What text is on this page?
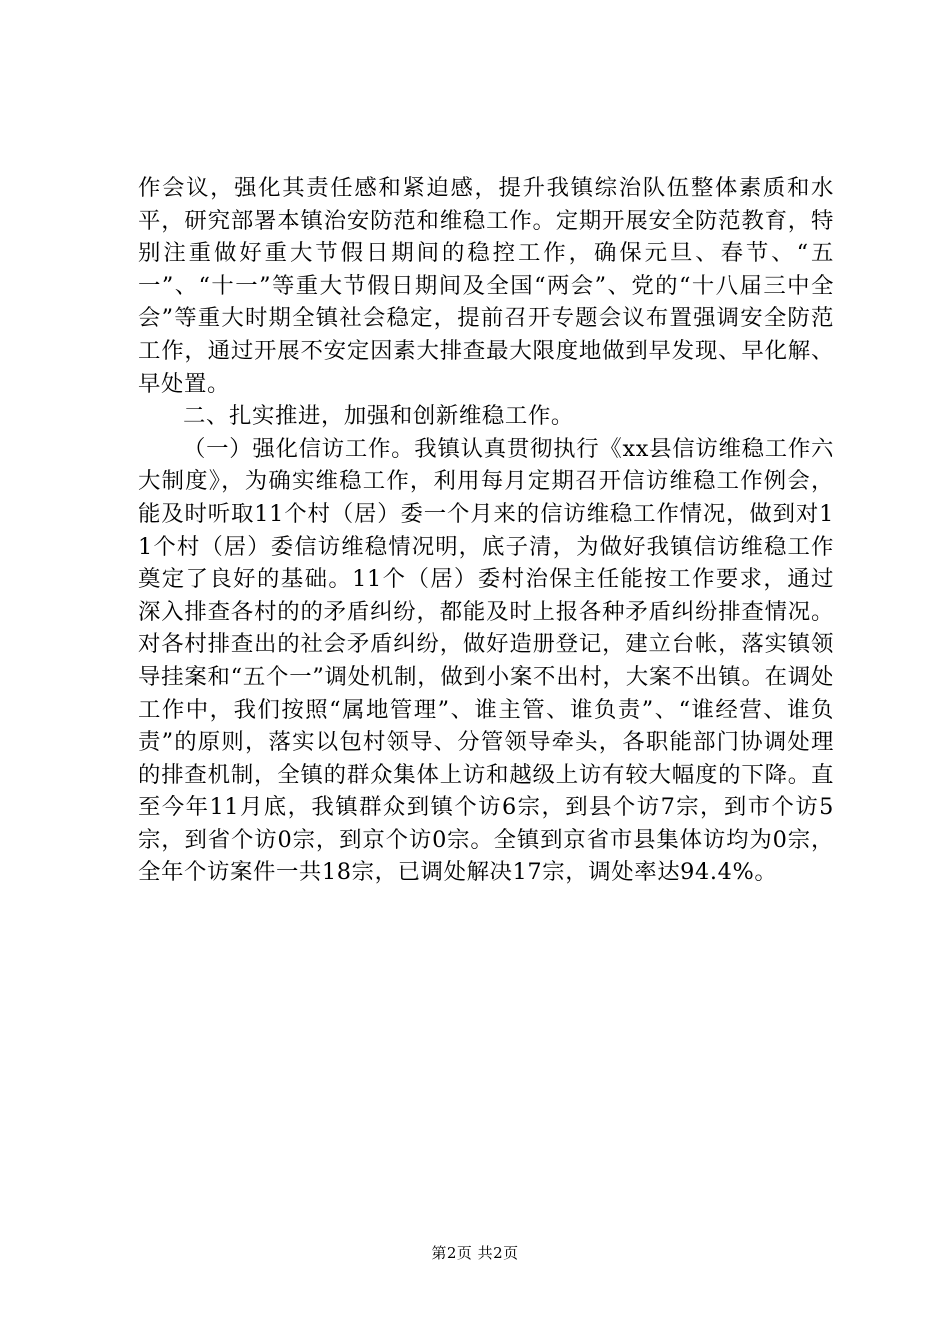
作会议，强化其责任感和紧迫感，提升我镇综治队伍整体素质和水平，研究部署本镇治安防范和维稳工作。定期开展安全防范教育，特别注重做好重大节假日期间的稳控工作，确保元旦、春节、“五一”、“十一”等重大节假日期间及全国“两会”、党的“十八届三中全会”等重大时期全镇社会稳定，提前召开专题会议布置强调安全防范工作，通过开展不安定因素大排查最大限度地做到早发现、早化解、早处置。

二、扎实推进，加强和创新维稳工作。

（一）强化信访工作。我镇认真贯彻执行《xx县信访维稳工作六大制度》，为确实维稳工作，利用每月定期召开信访维稳工作例会，能及时听取11个村（居）委一个月来的信访维稳工作情况，做到对11个村（居）委信访维稳情况明，底子清，为做好我镇信访维稳工作奠定了良好的基础。11个（居）委村治保主任能按工作要求，通过深入排查各村的的矛盾纠纷，都能及时上报各种矛盾纠纷排查情况。对各村排查出的社会矛盾纠纷，做好造册登记，建立台帐，落实镇领导挂案和“五个一”调处机制，做到小案不出村，大案不出镇。在调处工作中，我们按照“属地管理”、谁主管、谁负责”、“谁经营、谁负责”的原则，落实以包村领导、分管领导牵头，各职能部门协调处理的排查机制，全镇的群众集体上访和越级上访有较大幅度的下降。直至今年11月底，我镇群众到镇个访6宗，到县个访7宗，到市个访5宗，到省个访0宗，到京个访0宗。全镇到京省市县集体访均为0宗，全年个访案件一共18宗，已调处解决17宗，调处率达94.4%。

第2页 共2页
